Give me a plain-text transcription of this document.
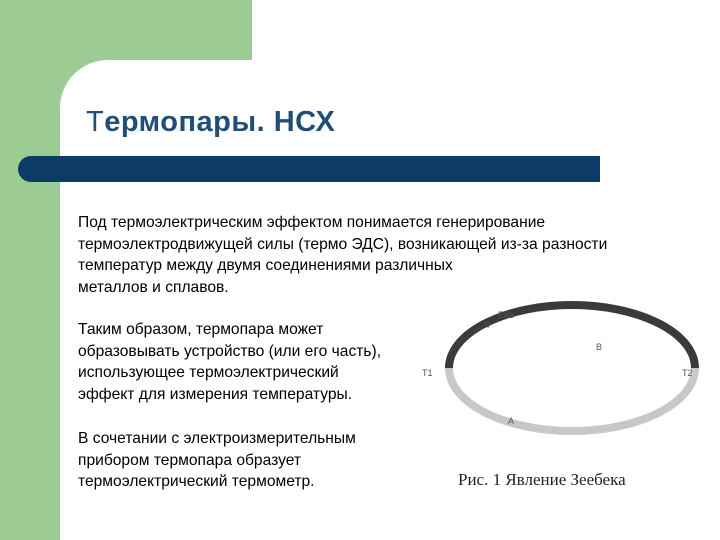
Термопары. НСХ

Под термоэлектрическим эффектом понимается генерирование
термоэлектродвижущей силы (термо ЭДС), возникающей из-за разности
температур между двумя соединениями различных
металлов и сплавов.

Таким образом, термопара может
образовывать устройство (или его часть),
использующее термоэлектрический
эффект для измерения температуры.

В сочетании с электроизмерительным
прибором термопара образует
термоэлектрический термометр.

Eав
B
A
T1	T2
Рис. 1 Явление Зеебека
